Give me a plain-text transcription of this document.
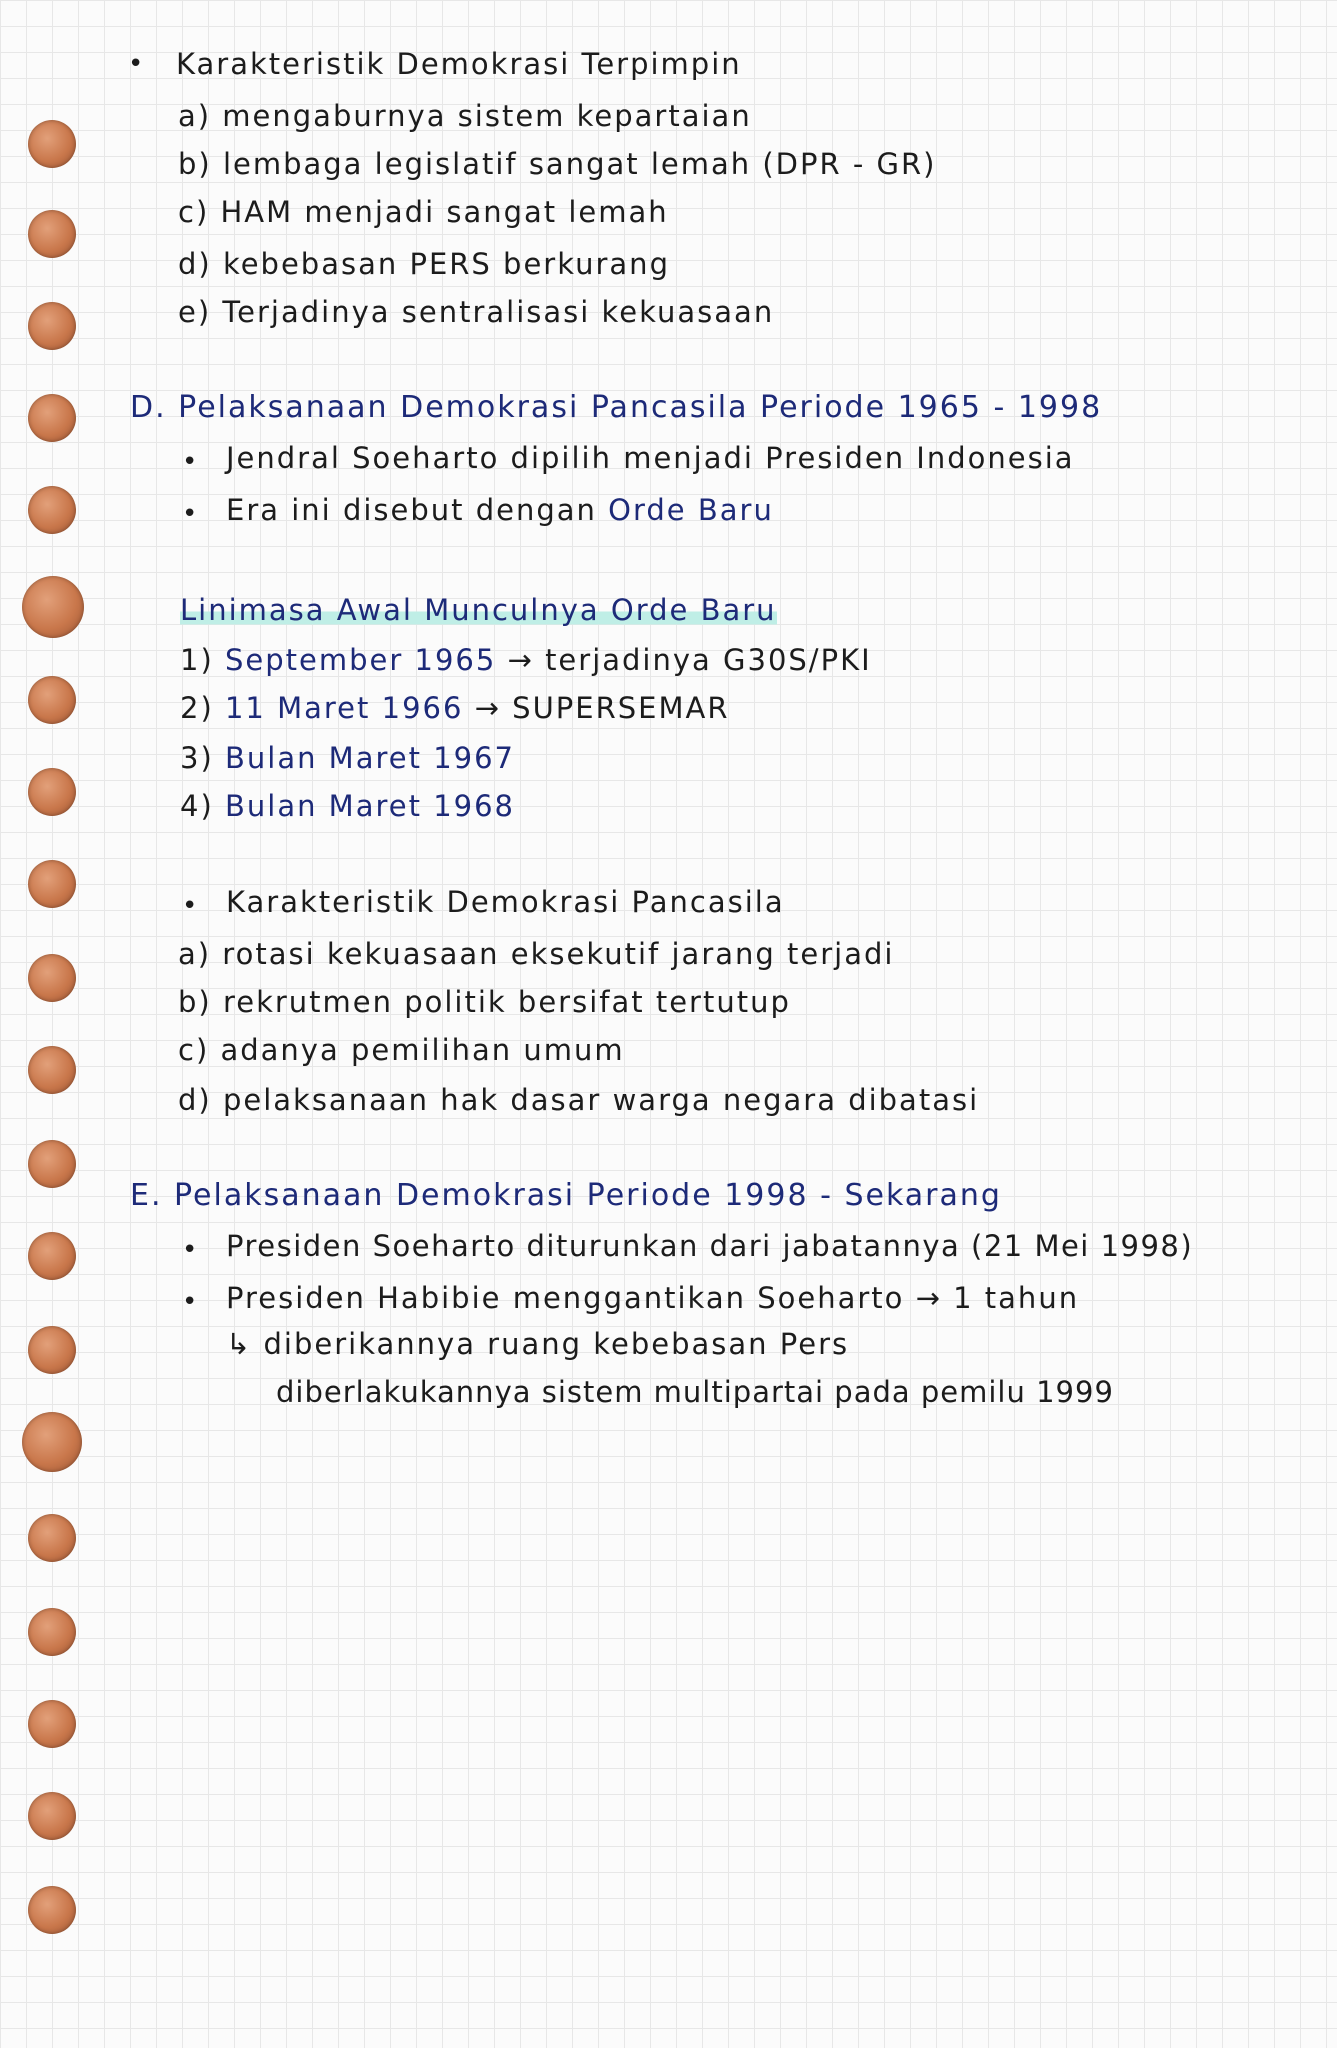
• Karakteristik Demokrasi Terpimpin
a) mengaburnya sistem kepartaian
b) lembaga legislatif sangat lemah (DPR - GR)
c) HAM menjadi sangat lemah
d) kebebasan PERS berkurang
e) Terjadinya sentralisasi kekuasaan
D. Pelaksanaan Demokrasi Pancasila Periode 1965 - 1998
• Jendral Soeharto dipilih menjadi Presiden Indonesia
• Era ini disebut dengan Orde Baru
Linimasa Awal Munculnya Orde Baru
1) September 1965 → terjadinya G30S/PKI
2) 11 Maret 1966 → SUPERSEMAR
3) Bulan Maret 1967
4) Bulan Maret 1968
• Karakteristik Demokrasi Pancasila
a) rotasi kekuasaan eksekutif jarang terjadi
b) rekrutmen politik bersifat tertutup
c) adanya pemilihan umum
d) pelaksanaan hak dasar warga negara dibatasi
E. Pelaksanaan Demokrasi Periode 1998 - Sekarang
• Presiden Soeharto diturunkan dari jabatannya (21 Mei 1998)
• Presiden Habibie menggantikan Soeharto → 1 tahun
↳ diberikannya ruang kebebasan Pers
diberlakukannya sistem multipartai pada pemilu 1999
